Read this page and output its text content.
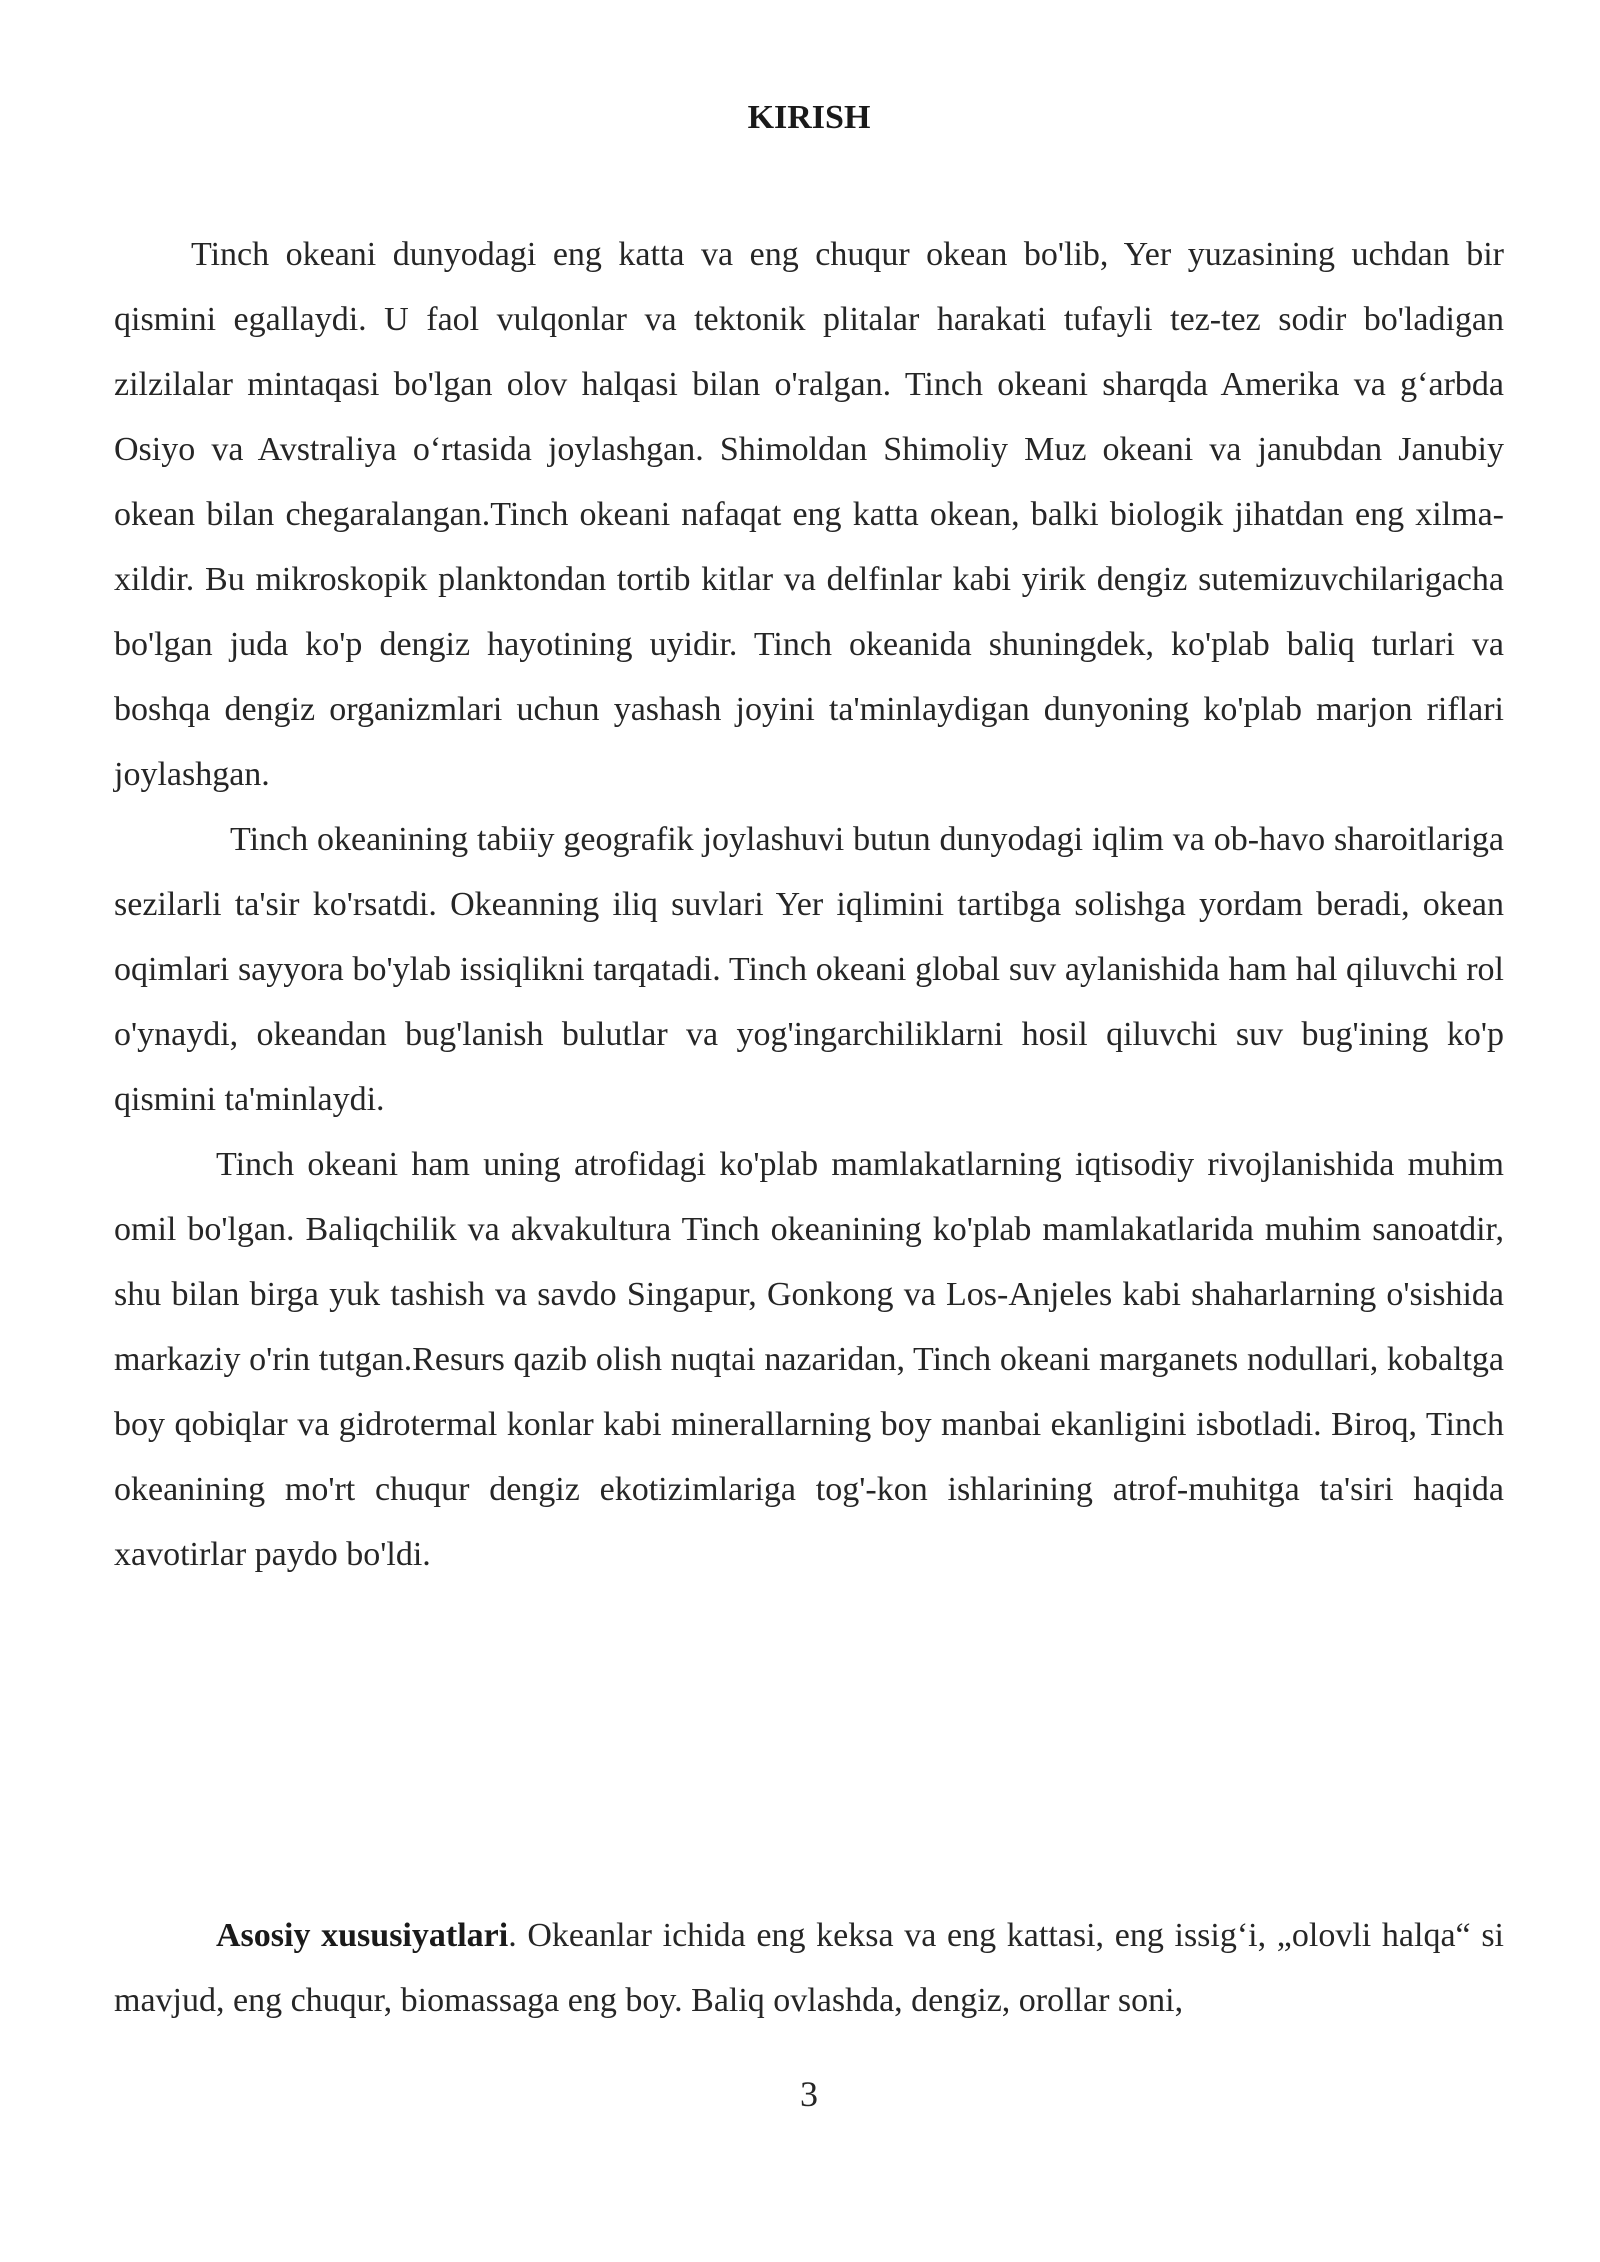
KIRISH

Tinch okeani dunyodagi eng katta va eng chuqur okean bo'lib, Yer yuzasining uchdan bir qismini egallaydi. U faol vulqonlar va tektonik plitalar harakati tufayli tez-tez sodir bo'ladigan zilzilalar mintaqasi bo'lgan olov halqasi bilan o'ralgan. Tinch okeani sharqda Amerika va g‘arbda Osiyo va Avstraliya o‘rtasida joylashgan. Shimoldan Shimoliy Muz okeani va janubdan Janubiy okean bilan chegaralangan.Tinch okeani nafaqat eng katta okean, balki biologik jihatdan eng xilma-xildir. Bu mikroskopik planktondan tortib kitlar va delfinlar kabi yirik dengiz sutemizuvchilarigacha bo'lgan juda ko'p dengiz hayotining uyidir. Tinch okeanida shuningdek, ko'plab baliq turlari va boshqa dengiz organizmlari uchun yashash joyini ta'minlaydigan dunyoning ko'plab marjon riflari joylashgan.

Tinch okeanining tabiiy geografik joylashuvi butun dunyodagi iqlim va ob-havo sharoitlariga sezilarli ta'sir ko'rsatdi. Okeanning iliq suvlari Yer iqlimini tartibga solishga yordam beradi, okean oqimlari sayyora bo'ylab issiqlikni tarqatadi. Tinch okeani global suv aylanishida ham hal qiluvchi rol o'ynaydi, okeandan bug'lanish bulutlar va yog'ingarchiliklarni hosil qiluvchi suv bug'ining ko'p qismini ta'minlaydi.

Tinch okeani ham uning atrofidagi ko'plab mamlakatlarning iqtisodiy rivojlanishida muhim omil bo'lgan. Baliqchilik va akvakultura Tinch okeanining ko'plab mamlakatlarida muhim sanoatdir, shu bilan birga yuk tashish va savdo Singapur, Gonkong va Los-Anjeles kabi shaharlarning o'sishida markaziy o'rin tutgan.Resurs qazib olish nuqtai nazaridan, Tinch okeani marganets nodullari, kobaltga boy qobiqlar va gidrotermal konlar kabi minerallarning boy manbai ekanligini isbotladi. Biroq, Tinch okeanining mo'rt chuqur dengiz ekotizimlariga tog'-kon ishlarining atrof-muhitga ta'siri haqida xavotirlar paydo bo'ldi.

Asosiy xususiyatlari. Okeanlar ichida eng keksa va eng kattasi, eng issig‘i, „olovli halqa“ si mavjud, eng chuqur, biomassaga eng boy. Baliq ovlashda, dengiz, orollar soni,

3
